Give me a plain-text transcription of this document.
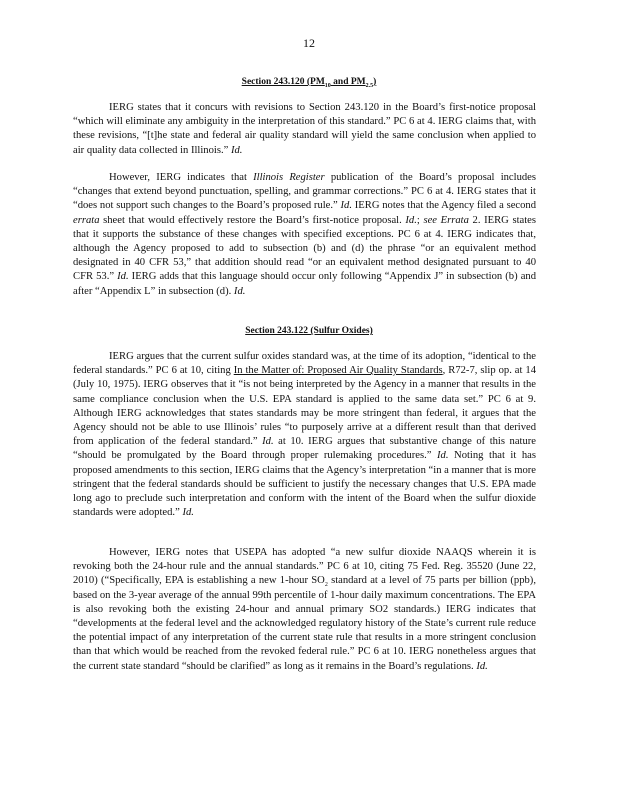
12
Section 243.120 ($PM_{10}$ and $PM_{2.5}$)

IERG states that it concurs with revisions to Section 243.120 in the Board’s first-notice proposal “which will eliminate any ambiguity in the interpretation of this standard.” PC 6 at 4. IERG claims that, with these revisions, “[t]he state and federal air quality standard will yield the same conclusion when applied to air quality data collected in Illinois.” Id.

However, IERG indicates that Illinois Register publication of the Board’s proposal includes “changes that extend beyond punctuation, spelling, and grammar corrections.” PC 6 at 4. IERG states that it “does not support such changes to the Board’s proposed rule.” Id. IERG notes that the Agency filed a second errata sheet that would effectively restore the Board’s first-notice proposal. Id.; see Errata 2. IERG states that it supports the substance of these changes with specified exceptions. PC 6 at 4. IERG indicates that, although the Agency proposed to add to subsection (b) and (d) the phrase “or an equivalent method designated in 40 CFR 53,” that addition should read “or an equivalent method designated pursuant to 40 CFR 53.” Id. IERG adds that this language should occur only following “Appendix J” in subsection (b) and after “Appendix L” in subsection (d). Id.

Section 243.122 (Sulfur Oxides)

IERG argues that the current sulfur oxides standard was, at the time of its adoption, “identical to the federal standards.” PC 6 at 10, citing In the Matter of: Proposed Air Quality Standards, R72-7, slip op. at 14 (July 10, 1975). IERG observes that it “is not being interpreted by the Agency in a manner that results in the same compliance conclusion when the U.S. EPA standard is applied to the same data set.” PC 6 at 9. Although IERG acknowledges that states standards may be more stringent than federal, it argues that the Agency should not be able to use Illinois’ rules “to purposely arrive at a different result than that derived from application of the federal standard.” Id. at 10. IERG argues that substantive change of this nature “should be promulgated by the Board through proper rulemaking procedures.” Id. Noting that it has proposed amendments to this section, IERG claims that the Agency’s interpretation “in a manner that is more stringent that the federal standards should be sufficient to justify the necessary changes that U.S. EPA made long ago to preclude such interpretation and conform with the intent of the Board when the sulfur dioxide standards were adopted.” Id.

However, IERG notes that USEPA has adopted “a new sulfur dioxide NAAQS wherein it is revoking both the 24-hour rule and the annual standards.” PC 6 at 10, citing 75 Fed. Reg. 35520 (June 22, 2010) (“Specifically, EPA is establishing a new 1-hour $SO_2$ standard at a level of 75 parts per billion (ppb), based on the 3-year average of the annual 99th percentile of 1-hour daily maximum concentrations. The EPA is also revoking both the existing 24-hour and annual primary SO2 standards.) IERG indicates that “developments at the federal level and the acknowledged regulatory history of the State’s current rule reduce the potential impact of any interpretation of the current state rule that results in a more stringent conclusion than that which would be reached from the revoked federal rule.” PC 6 at 10. IERG nonetheless argues that the current state standard “should be clarified” as long as it remains in the Board’s regulations. Id.
